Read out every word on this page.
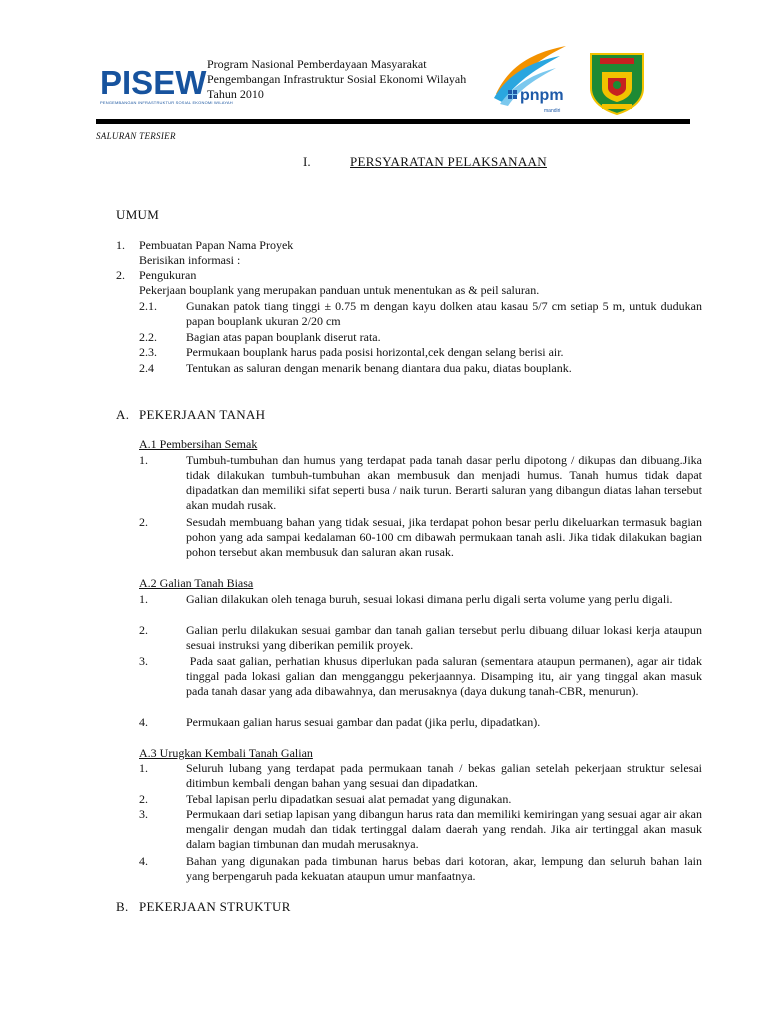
PISEW
PENGEMBANGAN INFRASTRUKTUR SOSIAL EKONOMI WILAYAH
Program Nasional Pemberdayaan Masyarakat
Pengembangan Infrastruktur Sosial Ekonomi Wilayah
Tahun 2010	pnpm
mandiri
SALURAN TERSIER
I.	PERSYARATAN PELAKSANAAN
UMUM
1. Pembuatan Papan Nama Proyek
Berisikan informasi :
2. Pengukuran
Pekerjaan bouplank yang merupakan panduan untuk menentukan as & peil saluran.
2.1. Gunakan patok tiang tinggi ± 0.75 m dengan kayu dolken atau kasau 5/7 cm setiap 5 m, untuk dudukan papan bouplank ukuran 2/20 cm
2.2. Bagian atas papan bouplank diserut rata.
2.3. Permukaan bouplank harus pada posisi horizontal,cek dengan selang berisi air.
2.4	Tentukan as saluran dengan menarik benang diantara dua paku, diatas bouplank.
A. PEKERJAAN TANAH
A.1 Pembersihan Semak
1.	Tumbuh-tumbuhan dan humus yang terdapat pada tanah dasar perlu dipotong / dikupas dan dibuang.Jika tidak dilakukan tumbuh-tumbuhan akan membusuk dan menjadi humus. Tanah humus tidak dapat dipadatkan dan memiliki sifat seperti busa / naik turun. Berarti saluran yang dibangun diatas lahan tersebut akan mudah rusak.
2.	Sesudah membuang bahan yang tidak sesuai, jika terdapat pohon besar perlu dikeluarkan termasuk bagian pohon yang ada sampai kedalaman 60-100 cm dibawah permukaan tanah asli. Jika tidak dilakukan bagian pohon tersebut akan membusuk dan saluran akan rusak.
A.2 Galian Tanah Biasa
1.	Galian dilakukan oleh tenaga buruh, sesuai lokasi dimana perlu digali serta volume yang perlu digali.
2.	Galian perlu dilakukan sesuai gambar dan tanah galian tersebut perlu dibuang diluar lokasi kerja ataupun sesuai instruksi yang diberikan pemilik proyek.
3.	Pada saat galian, perhatian khusus diperlukan pada saluran (sementara ataupun permanen), agar air tidak tinggal pada lokasi galian dan mengganggu pekerjaannya. Disamping itu, air yang tinggal akan masuk pada tanah dasar yang ada dibawahnya, dan merusaknya (daya dukung tanah-CBR, menurun).
4.	Permukaan galian harus sesuai gambar dan padat (jika perlu, dipadatkan).
A.3 Urugkan Kembali Tanah Galian
1.	Seluruh lubang yang terdapat pada permukaan tanah / bekas galian setelah pekerjaan struktur selesai ditimbun kembali dengan bahan yang sesuai dan dipadatkan.
2.	Tebal lapisan perlu dipadatkan sesuai alat pemadat yang digunakan.
3.	Permukaan dari setiap lapisan yang dibangun harus rata dan memiliki kemiringan yang sesuai agar air akan mengalir dengan mudah dan tidak tertinggal dalam daerah yang rendah. Jika air tertinggal akan masuk dalam bagian timbunan dan mudah merusaknya.
4.	Bahan yang digunakan pada timbunan harus bebas dari kotoran, akar, lempung dan seluruh bahan lain yang berpengaruh pada kekuatan ataupun umur manfaatnya.
B. PEKERJAAN STRUKTUR
